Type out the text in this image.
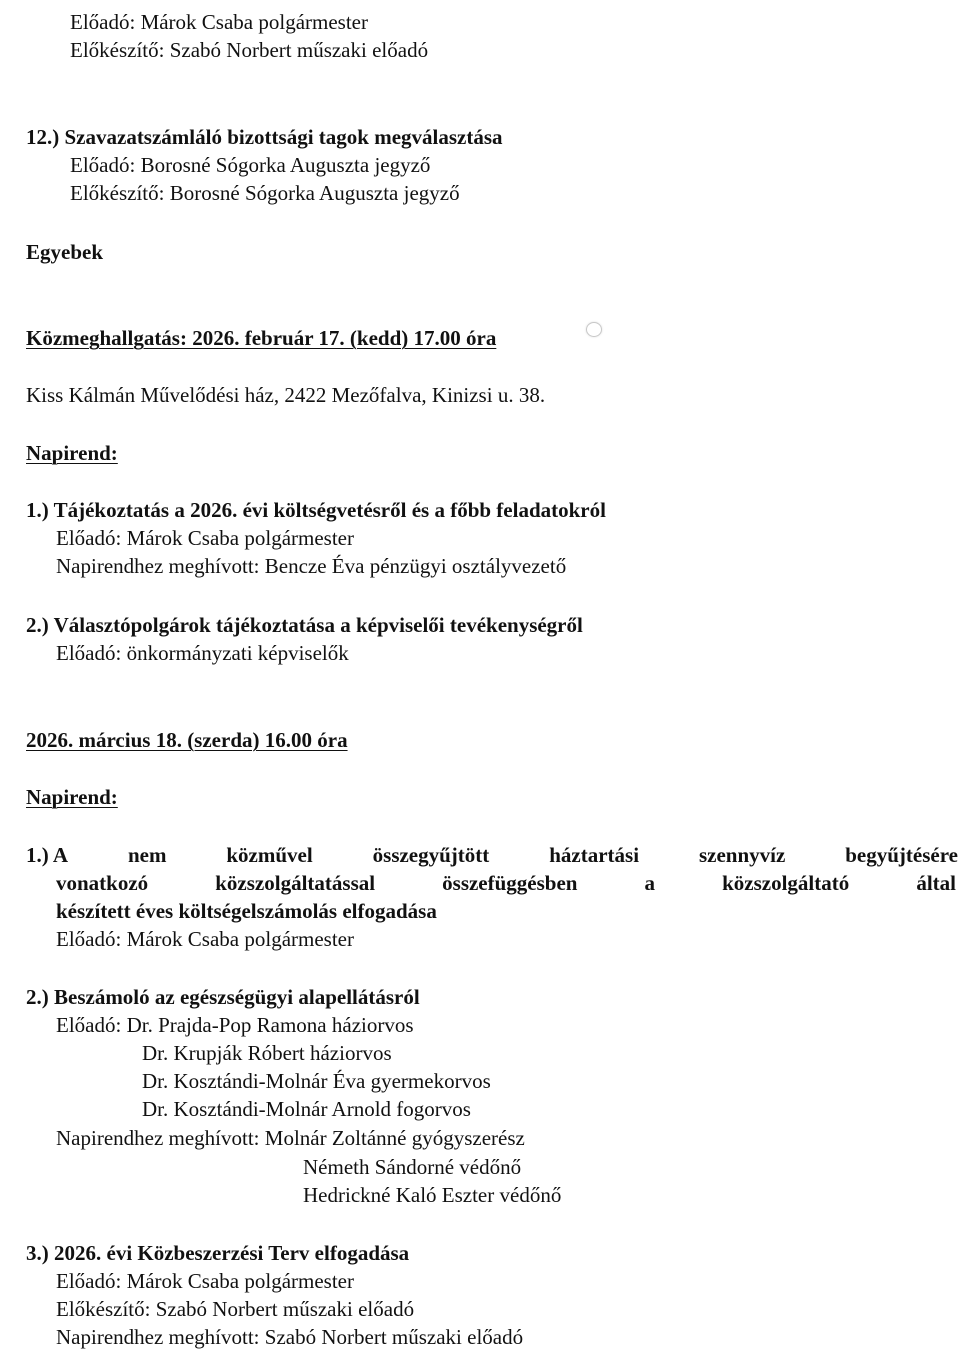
Előadó: Márok Csaba polgármester
Előkészítő: Szabó Norbert műszaki előadó
12.) Szavazatszámláló bizottsági tagok megválasztása
Előadó: Borosné Sógorka Auguszta jegyző
Előkészítő: Borosné Sógorka Auguszta jegyző
Egyebek
Közmeghallgatás: 2026. február 17. (kedd) 17.00 óra
Kiss Kálmán Művelődési ház, 2422 Mezőfalva, Kinizsi u. 38.
Napirend:
1.) Tájékoztatás a 2026. évi költségvetésről és a főbb feladatokról
Előadó: Márok Csaba polgármester
Napirendhez meghívott: Bencze Éva pénzügyi osztályvezető
2.) Választópolgárok tájékoztatása a képviselői tevékenységről
Előadó: önkormányzati képviselők
2026. március 18. (szerda) 16.00 óra
Napirend:
1.) A	nem	közművel	összegyűjtött	háztartási	szennyvíz	begyűjtésére
vonatkozó	közszolgáltatással	összefüggésben	a	közszolgáltató	által
készített éves költségelszámolás elfogadása
Előadó: Márok Csaba polgármester
2.) Beszámoló az egészségügyi alapellátásról
Előadó: Dr. Prajda-Pop Ramona háziorvos
Dr. Krupják Róbert háziorvos
Dr. Kosztándi-Molnár Éva gyermekorvos
Dr. Kosztándi-Molnár Arnold fogorvos
Napirendhez meghívott: Molnár Zoltánné gyógyszerész
Németh Sándorné védőnő
Hedrickné Kaló Eszter védőnő
3.) 2026. évi Közbeszerzési Terv elfogadása
Előadó: Márok Csaba polgármester
Előkészítő: Szabó Norbert műszaki előadó
Napirendhez meghívott: Szabó Norbert műszaki előadó
